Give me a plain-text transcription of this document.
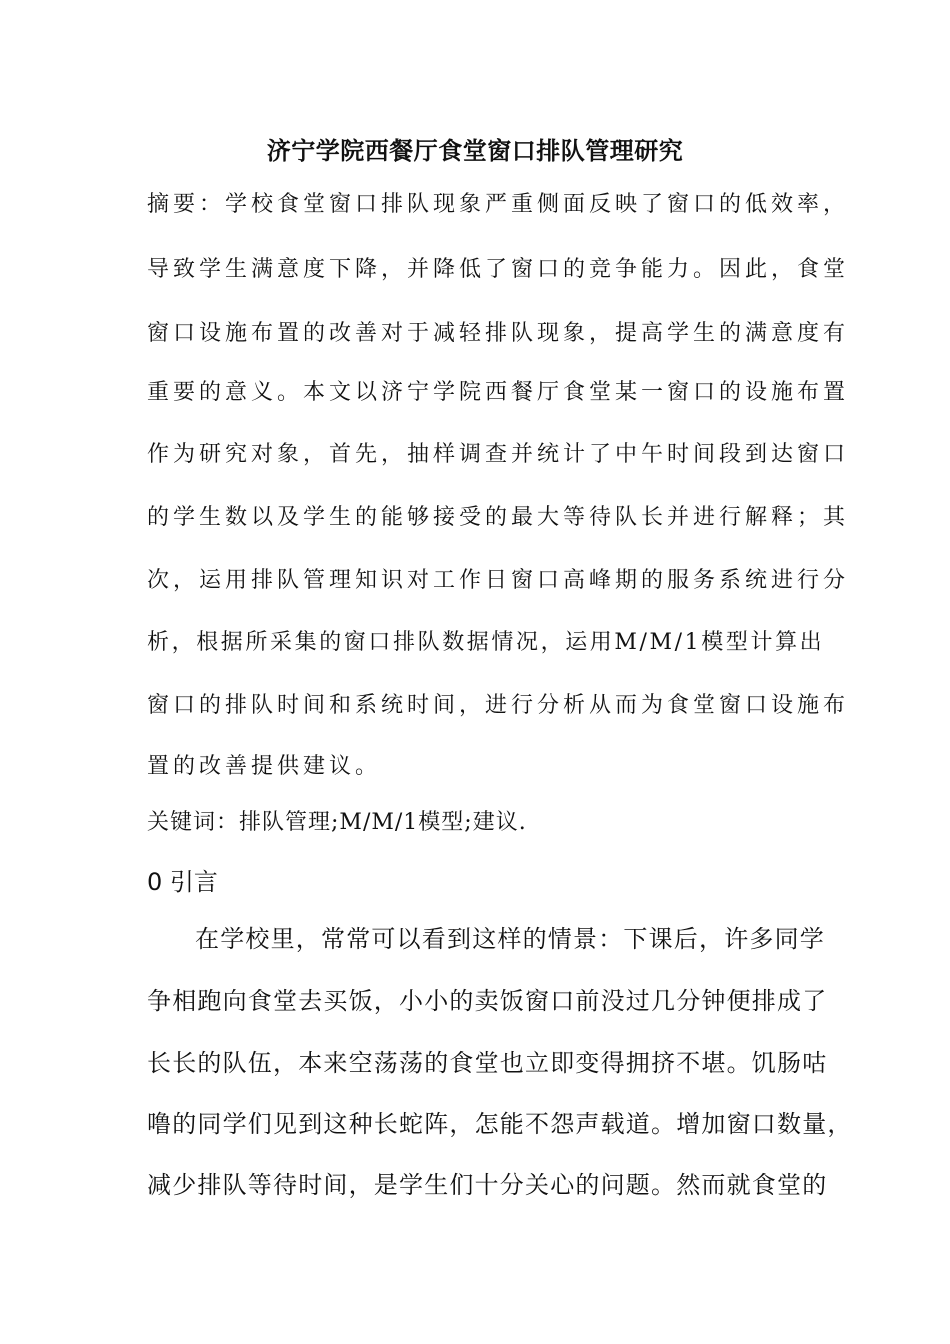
济宁学院西餐厅食堂窗口排队管理研究
摘要：学校食堂窗口排队现象严重侧面反映了窗口的低效率，
导致学生满意度下降，并降低了窗口的竞争能力。因此，食堂
窗口设施布置的改善对于减轻排队现象，提高学生的满意度有
重要的意义。本文以济宁学院西餐厅食堂某一窗口的设施布置
作为研究对象，首先，抽样调查并统计了中午时间段到达窗口
的学生数以及学生的能够接受的最大等待队长并进行解释；其
次，运用排队管理知识对工作日窗口高峰期的服务系统进行分
析，根据所采集的窗口排队数据情况，运用M/M/1模型计算出
窗口的排队时间和系统时间，进行分析从而为食堂窗口设施布
置的改善提供建议。
关键词：排队管理;M/M/1模型;建议.
0 引言
在学校里，常常可以看到这样的情景：下课后，许多同学
争相跑向食堂去买饭，小小的卖饭窗口前没过几分钟便排成了
长长的队伍，本来空荡荡的食堂也立即变得拥挤不堪。饥肠咕
噜的同学们见到这种长蛇阵，怎能不怨声载道。增加窗口数量，
减少排队等待时间，是学生们十分关心的问题。然而就食堂的
